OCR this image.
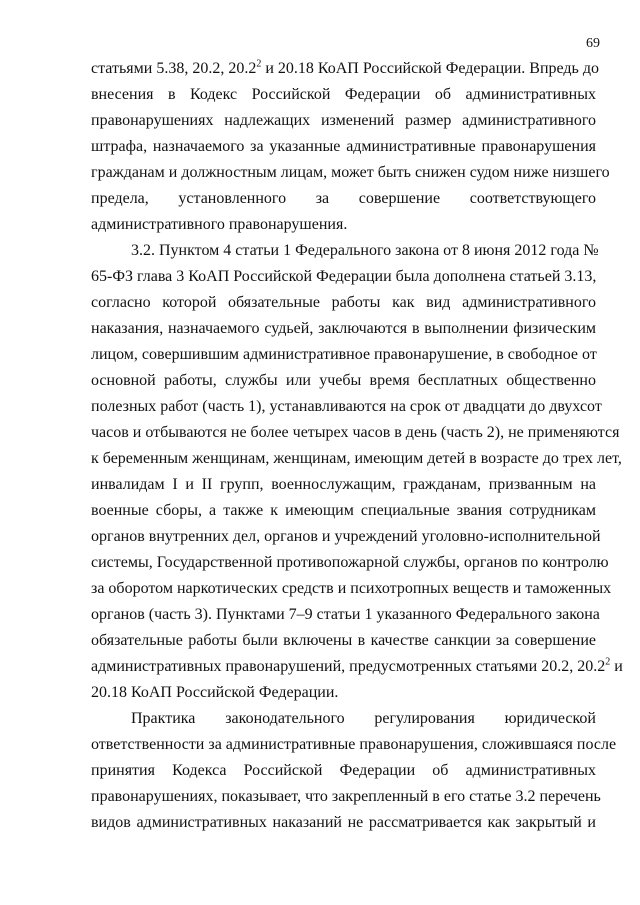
69
статьями 5.38, 20.2, 20.2$^2$ и 20.18 КоАП Российской Федерации. Впредь до
внесения в Кодекс Российской Федерации об административных
правонарушениях надлежащих изменений размер административного
штрафа, назначаемого за указанные административные правонарушения
гражданам и должностным лицам, может быть снижен судом ниже низшего
предела, установленного за совершение соответствующего
административного правонарушения.
3.2. Пунктом 4 статьи 1 Федерального закона от 8 июня 2012 года №
65-ФЗ глава 3 КоАП Российской Федерации была дополнена статьей 3.13,
согласно которой обязательные работы как вид административного
наказания, назначаемого судьей, заключаются в выполнении физическим
лицом, совершившим административное правонарушение, в свободное от
основной работы, службы или учебы время бесплатных общественно
полезных работ (часть 1), устанавливаются на срок от двадцати до двухсот
часов и отбываются не более четырех часов в день (часть 2), не применяются
к беременным женщинам, женщинам, имеющим детей в возрасте до трех лет,
инвалидам I и II групп, военнослужащим, гражданам, призванным на
военные сборы, а также к имеющим специальные звания сотрудникам
органов внутренних дел, органов и учреждений уголовно-исполнительной
системы, Государственной противопожарной службы, органов по контролю
за оборотом наркотических средств и психотропных веществ и таможенных
органов (часть 3). Пунктами 7–9 статьи 1 указанного Федерального закона
обязательные работы были включены в качестве санкции за совершение
административных правонарушений, предусмотренных статьями 20.2, 20.2$^2$ и
20.18 КоАП Российской Федерации.
Практика законодательного регулирования юридической
ответственности за административные правонарушения, сложившаяся после
принятия Кодекса Российской Федерации об административных
правонарушениях, показывает, что закрепленный в его статье 3.2 перечень
видов административных наказаний не рассматривается как закрытый и
